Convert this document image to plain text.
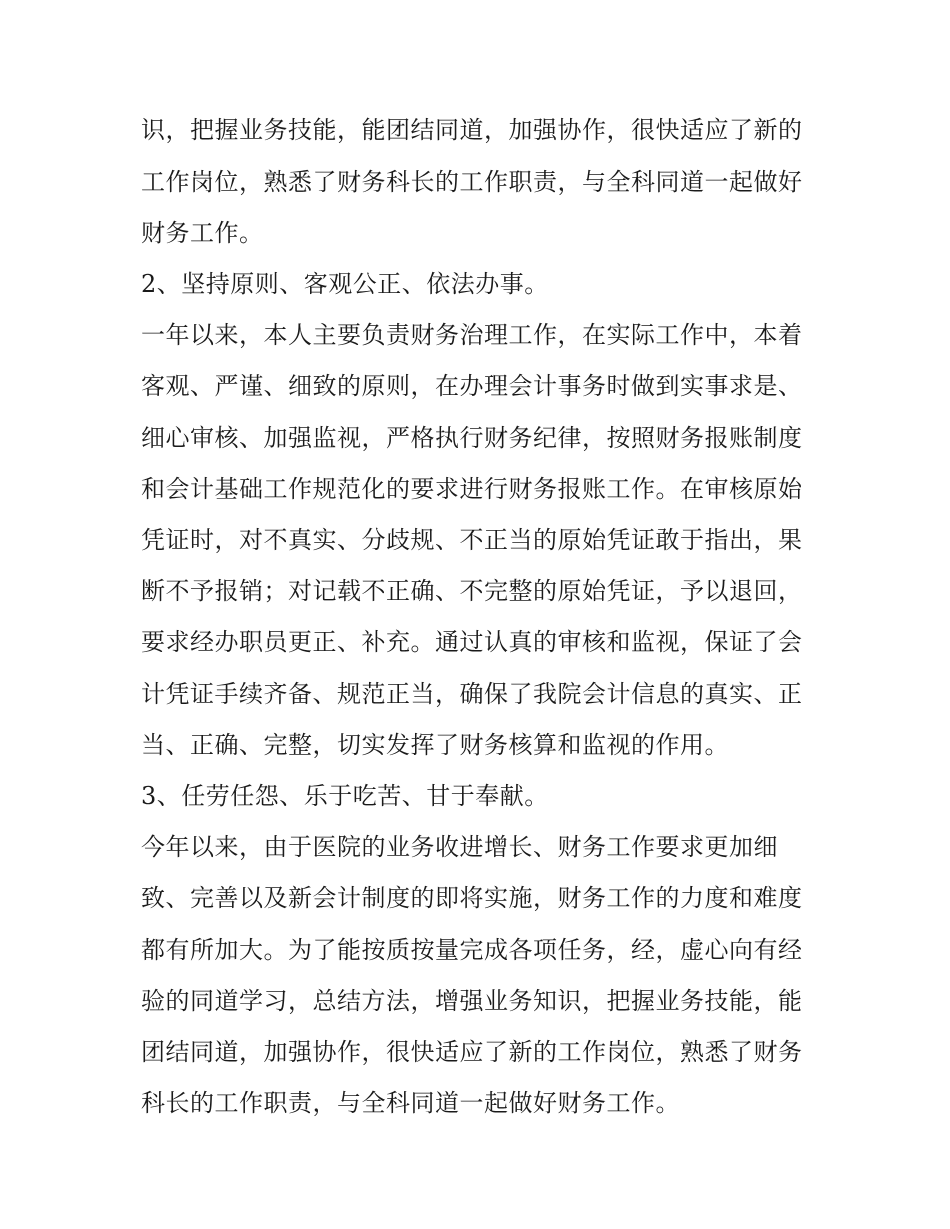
识，把握业务技能，能团结同道，加强协作，很快适应了新的
工作岗位，熟悉了财务科长的工作职责，与全科同道一起做好
财务工作。
2、坚持原则、客观公正、依法办事。
一年以来，本人主要负责财务治理工作，在实际工作中，本着
客观、严谨、细致的原则，在办理会计事务时做到实事求是、
细心审核、加强监视，严格执行财务纪律，按照财务报账制度
和会计基础工作规范化的要求进行财务报账工作。在审核原始
凭证时，对不真实、分歧规、不正当的原始凭证敢于指出，果
断不予报销；对记载不正确、不完整的原始凭证，予以退回，
要求经办职员更正、补充。通过认真的审核和监视，保证了会
计凭证手续齐备、规范正当，确保了我院会计信息的真实、正
当、正确、完整，切实发挥了财务核算和监视的作用。
3、任劳任怨、乐于吃苦、甘于奉献。
今年以来，由于医院的业务收进增长、财务工作要求更加细
致、完善以及新会计制度的即将实施，财务工作的力度和难度
都有所加大。为了能按质按量完成各项任务，经，虚心向有经
验的同道学习，总结方法，增强业务知识，把握业务技能，能
团结同道，加强协作，很快适应了新的工作岗位，熟悉了财务
科长的工作职责，与全科同道一起做好财务工作。
